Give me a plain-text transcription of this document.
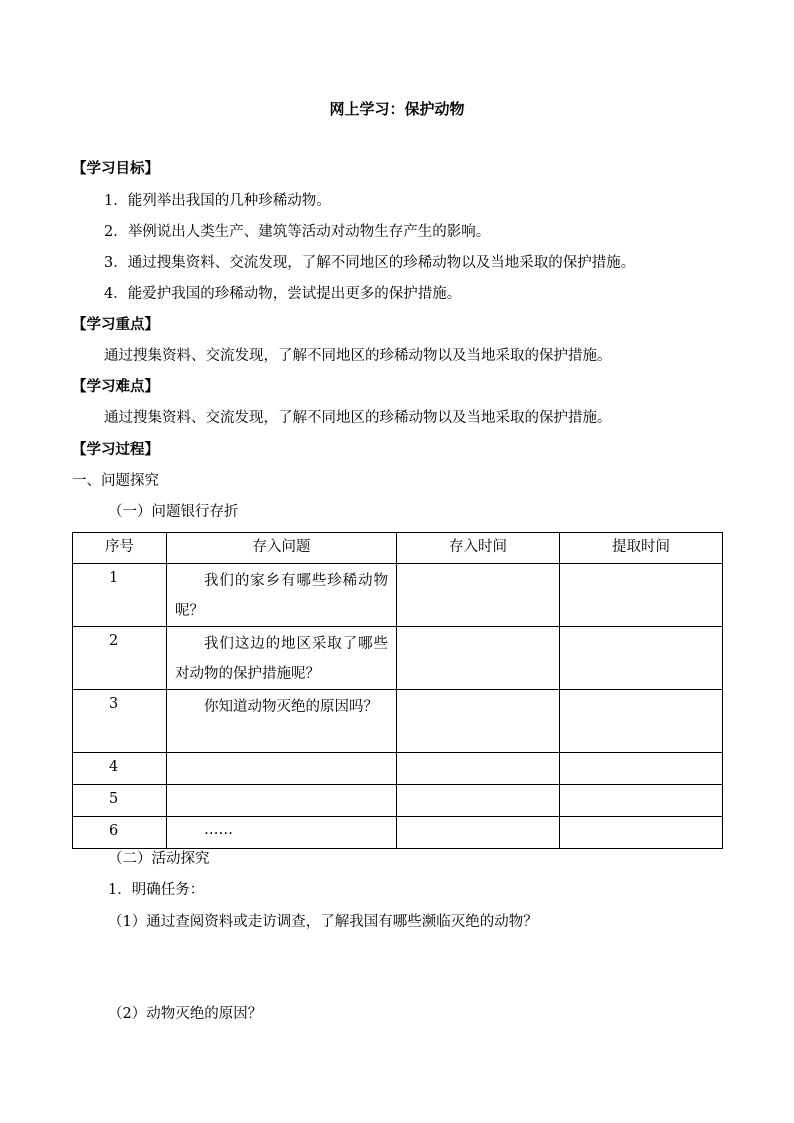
网上学习：保护动物
【学习目标】
1．能列举出我国的几种珍稀动物。
2．举例说出人类生产、建筑等活动对动物生存产生的影响。
3．通过搜集资料、交流发现，了解不同地区的珍稀动物以及当地采取的保护措施。
4．能爱护我国的珍稀动物，尝试提出更多的保护措施。
【学习重点】
通过搜集资料、交流发现，了解不同地区的珍稀动物以及当地采取的保护措施。
【学习难点】
通过搜集资料、交流发现，了解不同地区的珍稀动物以及当地采取的保护措施。
【学习过程】
一、问题探究
（一）问题银行存折
序号	存入问题	存入时间	提取时间
1	我们的家乡有哪些珍稀动物呢？		

2	我们这边的地区采取了哪些对动物的保护措施呢？		

3	你知道动物灭绝的原因吗？		

4	

5	

6	……		

（二）活动探究
1．明确任务：
（1）通过查阅资料或走访调查，了解我国有哪些濒临灭绝的动物？
（2）动物灭绝的原因？
